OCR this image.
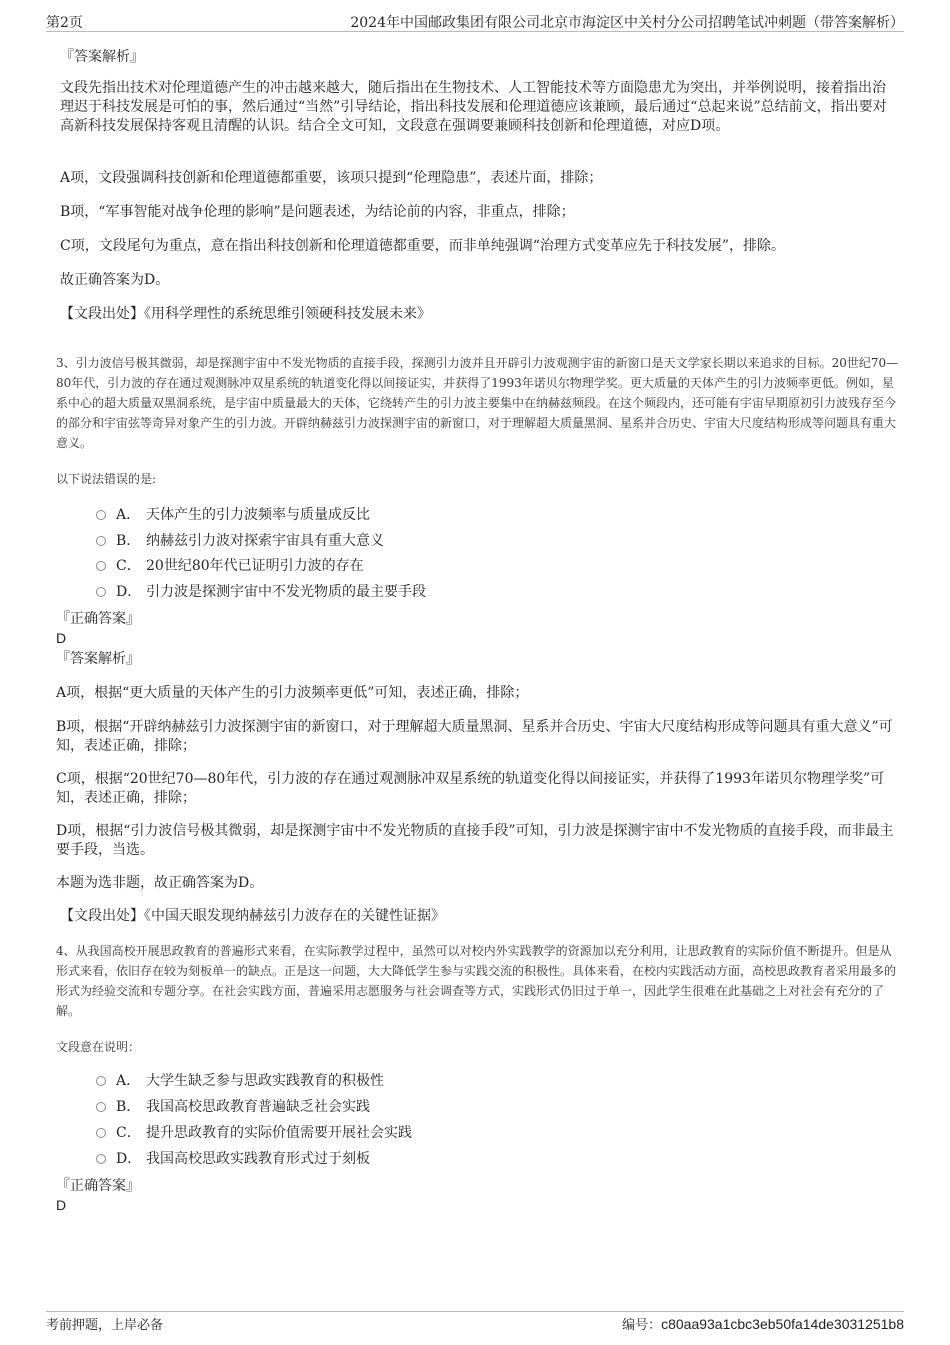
第2页	2024年中国邮政集团有限公司北京市海淀区中关村分公司招聘笔试冲刺题（带答案解析）
『答案解析』
文段先指出技术对伦理道德产生的冲击越来越大，随后指出在生物技术、人工智能技术等方面隐患尤为突出，并举例说明，接着指出治理迟于科技发展是可怕的事，然后通过“当然”引导结论，指出科技发展和伦理道德应该兼顾，最后通过“总起来说”总结前文，指出要对高新科技发展保持客观且清醒的认识。结合全文可知，文段意在强调要兼顾科技创新和伦理道德，对应D项。
A项，文段强调科技创新和伦理道德都重要，该项只提到“伦理隐患”，表述片面，排除；
B项，“军事智能对战争伦理的影响”是问题表述，为结论前的内容，非重点，排除；
C项，文段尾句为重点，意在指出科技创新和伦理道德都重要，而非单纯强调“治理方式变革应先于科技发展”，排除。
故正确答案为D。
【文段出处】《用科学理性的系统思维引领硬科技发展未来》
3、引力波信号极其微弱，却是探测宇宙中不发光物质的直接手段，探测引力波并且开辟引力波观测宇宙的新窗口是天文学家长期以来追求的目标。20世纪70—80年代，引力波的存在通过观测脉冲双星系统的轨道变化得以间接证实，并获得了1993年诺贝尔物理学奖。更大质量的天体产生的引力波频率更低。例如，星系中心的超大质量双黑洞系统，是宇宙中质量最大的天体，它绕转产生的引力波主要集中在纳赫兹频段。在这个频段内，还可能有宇宙早期原初引力波残存至今的部分和宇宙弦等奇异对象产生的引力波。开辟纳赫兹引力波探测宇宙的新窗口，对于理解超大质量黑洞、星系并合历史、宇宙大尺度结构形成等问题具有重大意义。
以下说法错误的是:
A． 天体产生的引力波频率与质量成反比
B． 纳赫兹引力波对探索宇宙具有重大意义
C． 20世纪80年代已证明引力波的存在
D． 引力波是探测宇宙中不发光物质的最主要手段
『正确答案』
D
『答案解析』
A项，根据“更大质量的天体产生的引力波频率更低”可知，表述正确，排除；
B项，根据“开辟纳赫兹引力波探测宇宙的新窗口，对于理解超大质量黑洞、星系并合历史、宇宙大尺度结构形成等问题具有重大意义”可知，表述正确，排除；
C项，根据“20世纪70—80年代，引力波的存在通过观测脉冲双星系统的轨道变化得以间接证实，并获得了1993年诺贝尔物理学奖”可知，表述正确，排除；
D项，根据“引力波信号极其微弱，却是探测宇宙中不发光物质的直接手段”可知，引力波是探测宇宙中不发光物质的直接手段，而非最主要手段，当选。
本题为选非题，故正确答案为D。
【文段出处】《中国天眼发现纳赫兹引力波存在的关键性证据》
4、从我国高校开展思政教育的普遍形式来看，在实际教学过程中，虽然可以对校内外实践教学的资源加以充分利用，让思政教育的实际价值不断提升。但是从形式来看，依旧存在较为刻板单一的缺点。正是这一问题，大大降低学生参与实践交流的积极性。具体来看，在校内实践活动方面，高校思政教育者采用最多的形式为经验交流和专题分享。在社会实践方面，普遍采用志愿服务与社会调查等方式，实践形式仍旧过于单一，因此学生很难在此基础之上对社会有充分的了解。
文段意在说明：
A． 大学生缺乏参与思政实践教育的积极性
B． 我国高校思政教育普遍缺乏社会实践
C． 提升思政教育的实际价值需要开展社会实践
D． 我国高校思政实践教育形式过于刻板
『正确答案』
D
考前押题，上岸必备	编号：c80aa93a1cbc3eb50fa14de3031251b8
